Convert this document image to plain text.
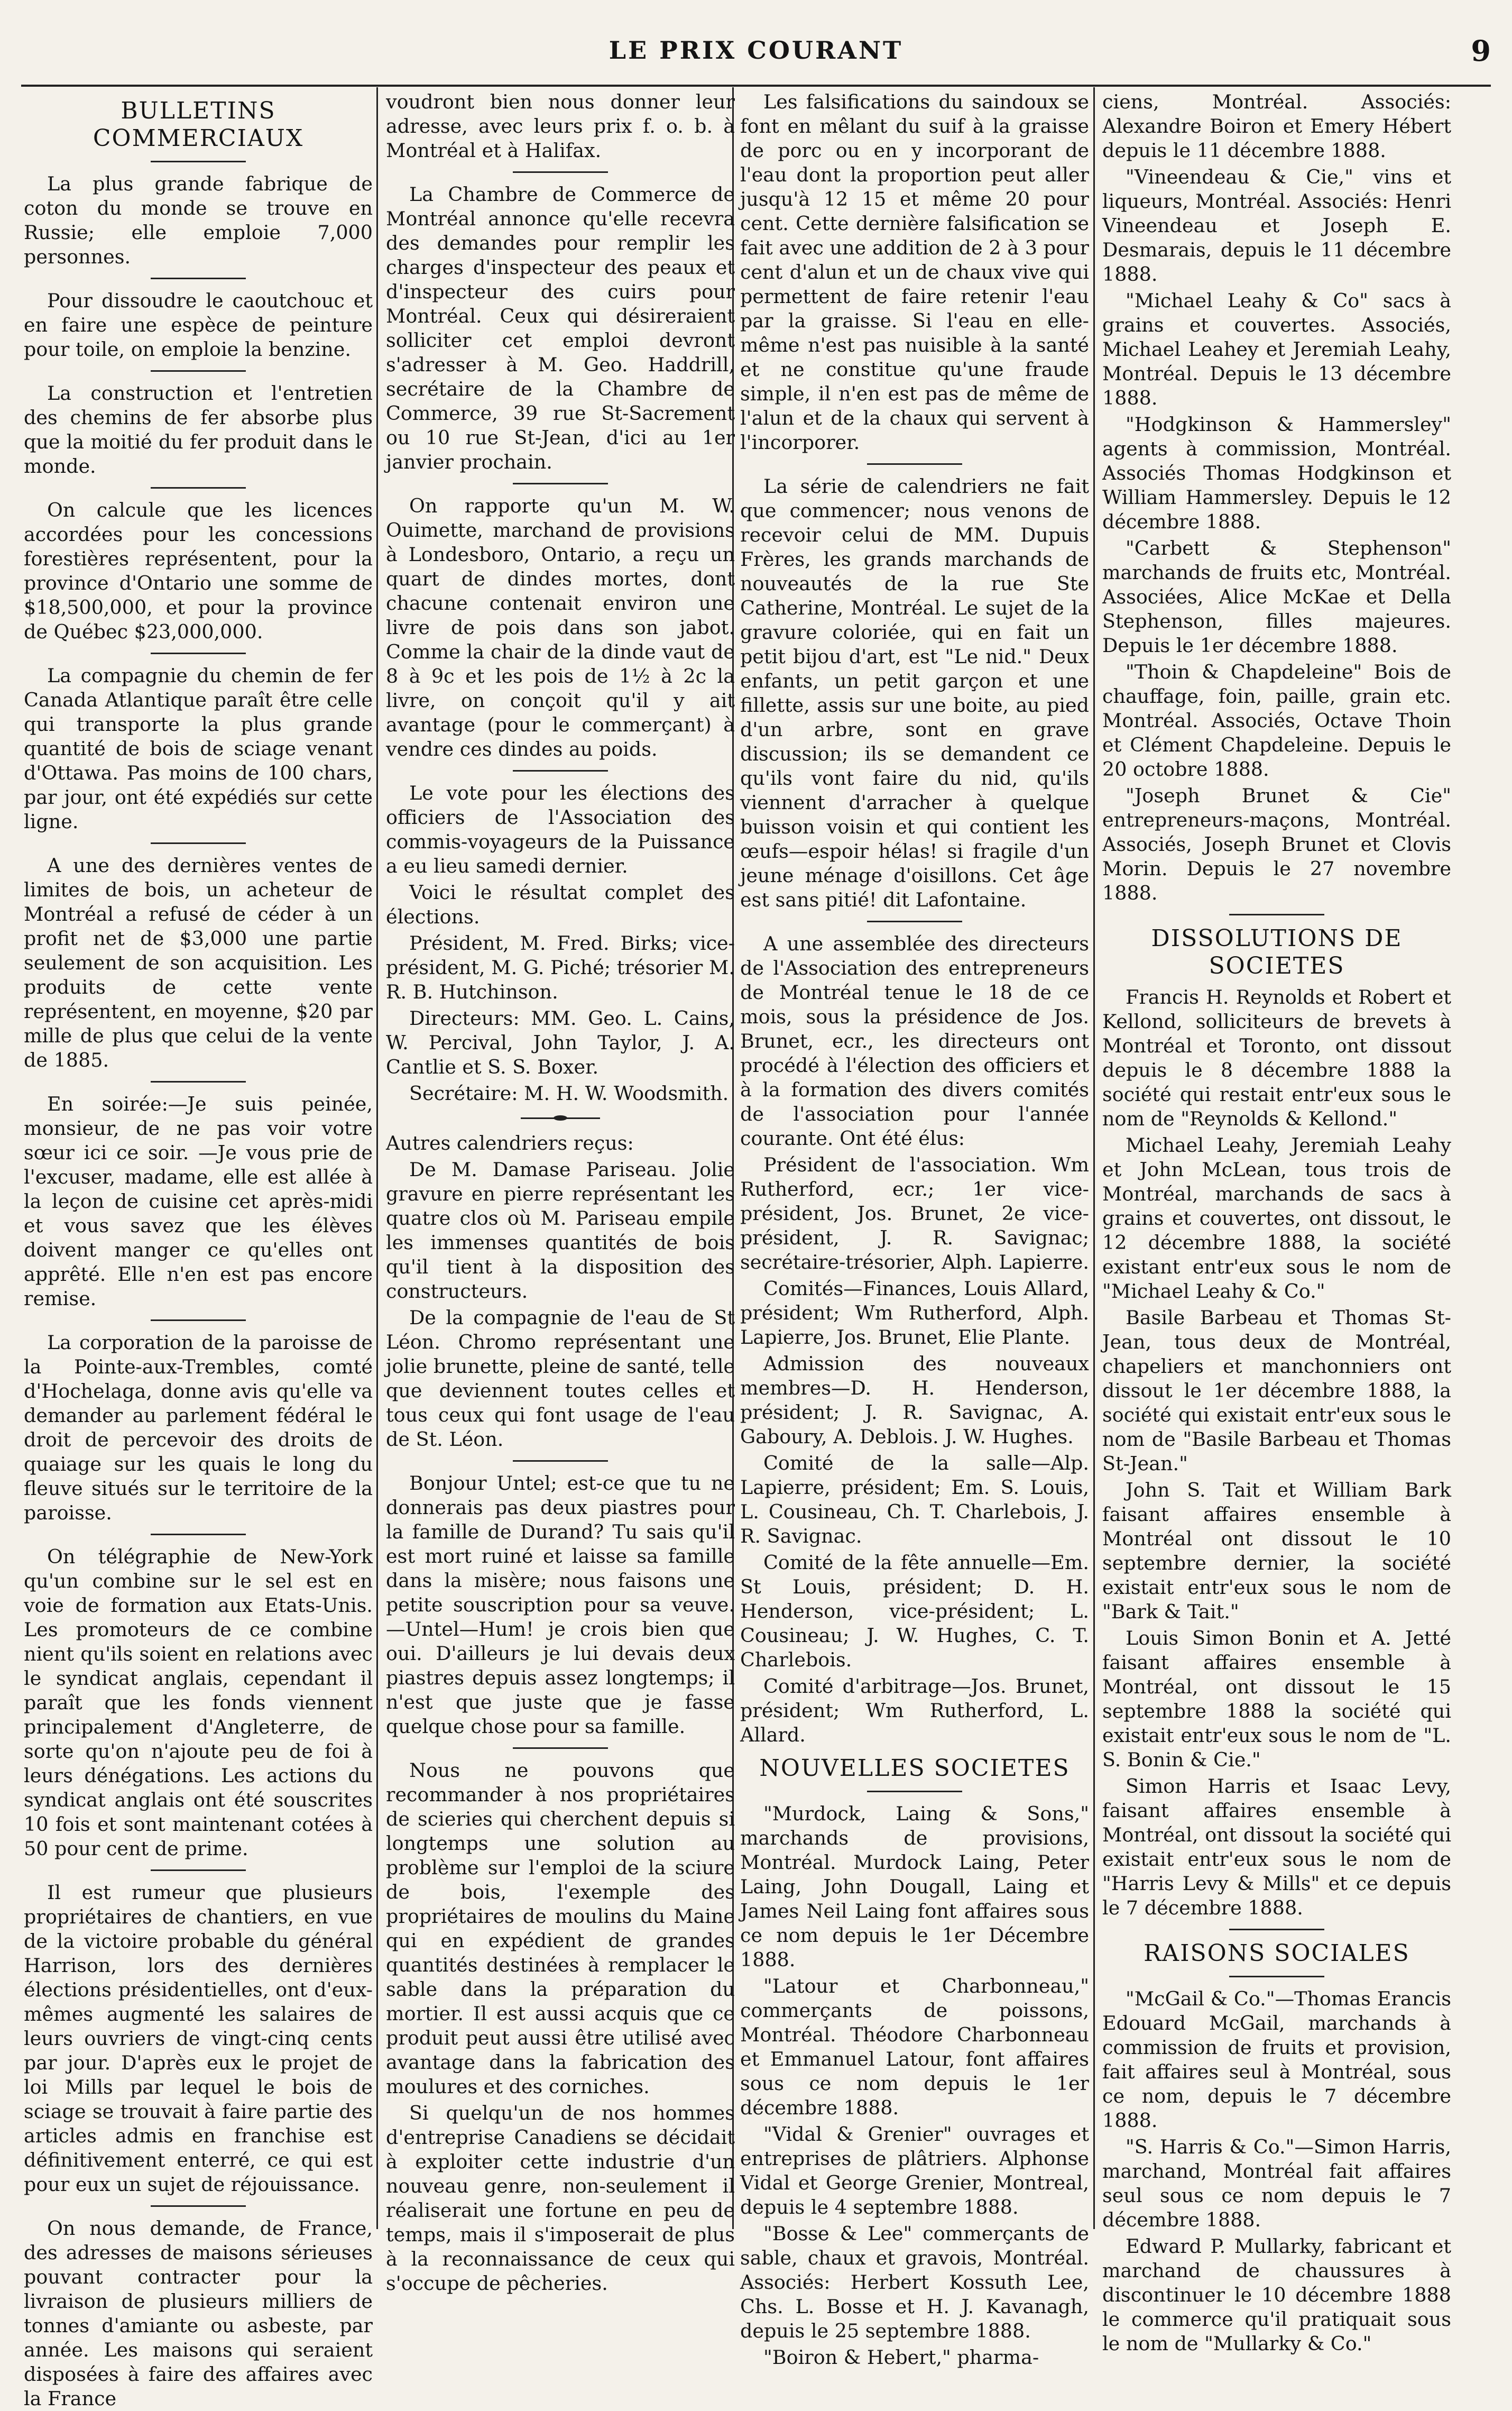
LE PRIX COURANT	9
BULLETINS COMMERCIAUX

La plus grande fabrique de coton du monde se trouve en Russie; elle emploie 7,000 personnes.

Pour dissoudre le caoutchouc et en faire une espèce de peinture pour toile, on emploie la benzine.

La construction et l'entretien des chemins de fer absorbe plus que la moitié du fer produit dans le monde.

On calcule que les licences accordées pour les concessions forestières représentent, pour la province d'Ontario une somme de $18,500,000, et pour la province de Québec $23,000,000.

La compagnie du chemin de fer Canada Atlantique paraît être celle qui transporte la plus grande quantité de bois de sciage venant d'Ottawa. Pas moins de 100 chars, par jour, ont été expédiés sur cette ligne.

A une des dernières ventes de limites de bois, un acheteur de Montréal a refusé de céder à un profit net de $3,000 une partie seulement de son acquisition. Les produits de cette vente représentent, en moyenne, $20 par mille de plus que celui de la vente de 1885.

En soirée:—Je suis peinée, monsieur, de ne pas voir votre sœur ici ce soir. —Je vous prie de l'excuser, madame, elle est allée à la leçon de cuisine cet après-midi et vous savez que les élèves doivent manger ce qu'elles ont apprêté. Elle n'en est pas encore remise.

La corporation de la paroisse de la Pointe-aux-Trembles, comté d'Hochelaga, donne avis qu'elle va demander au parlement fédéral le droit de percevoir des droits de quaiage sur les quais le long du fleuve situés sur le territoire de la paroisse.

On télégraphie de New-York qu'un combine sur le sel est en voie de formation aux Etats-Unis. Les promoteurs de ce combine nient qu'ils soient en relations avec le syndicat anglais, cependant il paraît que les fonds viennent principalement d'Angleterre, de sorte qu'on n'ajoute peu de foi à leurs dénégations. Les actions du syndicat anglais ont été souscrites 10 fois et sont maintenant cotées à 50 pour cent de prime.

Il est rumeur que plusieurs propriétaires de chantiers, en vue de la victoire probable du général Harrison, lors des dernières élections présidentielles, ont d'eux-mêmes augmenté les salaires de leurs ouvriers de vingt-cinq cents par jour. D'après eux le projet de loi Mills par lequel le bois de sciage se trouvait à faire partie des articles admis en franchise est définitivement enterré, ce qui est pour eux un sujet de réjouissance.

On nous demande, de France, des adresses de maisons sérieuses pouvant contracter pour la livraison de plusieurs milliers de tonnes d'amiante ou asbeste, par année. Les maisons qui seraient disposées à faire des affaires avec la France

voudront bien nous donner leur adresse, avec leurs prix f. o. b. à Montréal et à Halifax.

La Chambre de Commerce de Montréal annonce qu'elle recevra des demandes pour remplir les charges d'inspecteur des peaux et d'inspecteur des cuirs pour Montréal. Ceux qui désireraient solliciter cet emploi devront s'adresser à M. Geo. Haddrill, secrétaire de la Chambre de Commerce, 39 rue St-Sacrement ou 10 rue St-Jean, d'ici au 1er janvier prochain.

On rapporte qu'un M. W. Ouimette, marchand de provisions à Londesboro, Ontario, a reçu un quart de dindes mortes, dont chacune contenait environ une livre de pois dans son jabot. Comme la chair de la dinde vaut de 8 à 9c et les pois de 1½ à 2c la livre, on conçoit qu'il y ait avantage (pour le commerçant) à vendre ces dindes au poids.

Le vote pour les élections des officiers de l'Association des commis-voyageurs de la Puissance a eu lieu samedi dernier.

Voici le résultat complet des élections.

Président, M. Fred. Birks; vice-président, M. G. Piché; trésorier M. R. B. Hutchinson.

Directeurs: MM. Geo. L. Cains, W. Percival, John Taylor, J. A. Cantlie et S. S. Boxer.

Secrétaire: M. H. W. Woodsmith.

Autres calendriers reçus:

De M. Damase Pariseau. Jolie gravure en pierre représentant les quatre clos où M. Pariseau empile les immenses quantités de bois qu'il tient à la disposition des constructeurs.

De la compagnie de l'eau de St Léon. Chromo représentant une jolie brunette, pleine de santé, telle que deviennent toutes celles et tous ceux qui font usage de l'eau de St. Léon.

Bonjour Untel; est-ce que tu ne donnerais pas deux piastres pour la famille de Durand? Tu sais qu'il est mort ruiné et laisse sa famille dans la misère; nous faisons une petite souscription pour sa veuve.—Untel—Hum! je crois bien que oui. D'ailleurs je lui devais deux piastres depuis assez longtemps; il n'est que juste que je fasse quelque chose pour sa famille.

Nous ne pouvons que recommander à nos propriétaires de scieries qui cherchent depuis si longtemps une solution au problème sur l'emploi de la sciure de bois, l'exemple des propriétaires de moulins du Maine qui en expédient de grandes quantités destinées à remplacer le sable dans la préparation du mortier. Il est aussi acquis que ce produit peut aussi être utilisé avec avantage dans la fabrication des moulures et des corniches.

Si quelqu'un de nos hommes d'entreprise Canadiens se décidait à exploiter cette industrie d'un nouveau genre, non-seulement il réaliserait une fortune en peu de temps, mais il s'imposerait de plus à la reconnaissance de ceux qui s'occupe de pêcheries.

Les falsifications du saindoux se font en mêlant du suif à la graisse de porc ou en y incorporant de l'eau dont la proportion peut aller jusqu'à 12 15 et même 20 pour cent. Cette dernière falsification se fait avec une addition de 2 à 3 pour cent d'alun et un de chaux vive qui permettent de faire retenir l'eau par la graisse. Si l'eau en elle-même n'est pas nuisible à la santé et ne constitue qu'une fraude simple, il n'en est pas de même de l'alun et de la chaux qui servent à l'incorporer.

La série de calendriers ne fait que commencer; nous venons de recevoir celui de MM. Dupuis Frères, les grands marchands de nouveautés de la rue Ste Catherine, Montréal. Le sujet de la gravure coloriée, qui en fait un petit bijou d'art, est "Le nid." Deux enfants, un petit garçon et une fillette, assis sur une boite, au pied d'un arbre, sont en grave discussion; ils se demandent ce qu'ils vont faire du nid, qu'ils viennent d'arracher à quelque buisson voisin et qui contient les œufs—espoir hélas! si fragile d'un jeune ménage d'oisillons. Cet âge est sans pitié! dit Lafontaine.

A une assemblée des directeurs de l'Association des entrepreneurs de Montréal tenue le 18 de ce mois, sous la présidence de Jos. Brunet, ecr., les directeurs ont procédé à l'élection des officiers et à la formation des divers comités de l'association pour l'année courante. Ont été élus:

Président de l'association. Wm Rutherford, ecr.; 1er vice-président, Jos. Brunet, 2e vice-président, J. R. Savignac; secrétaire-trésorier, Alph. Lapierre.

Comités—Finances, Louis Allard, président; Wm Rutherford, Alph. Lapierre, Jos. Brunet, Elie Plante.

Admission des nouveaux membres—D. H. Henderson, président; J. R. Savignac, A. Gaboury, A. Deblois. J. W. Hughes.

Comité de la salle—Alp. Lapierre, président; Em. S. Louis, L. Cousineau, Ch. T. Charlebois, J. R. Savignac.

Comité de la fête annuelle—Em. St Louis, président; D. H. Henderson, vice-président; L. Cousineau; J. W. Hughes, C. T. Charlebois.

Comité d'arbitrage—Jos. Brunet, président; Wm Rutherford, L. Allard.

NOUVELLES SOCIETES

"Murdock, Laing & Sons," marchands de provisions, Montréal. Murdock Laing, Peter Laing, John Dougall, Laing et James Neil Laing font affaires sous ce nom depuis le 1er Décembre 1888.

"Latour et Charbonneau," commerçants de poissons, Montréal. Théodore Charbonneau et Emmanuel Latour, font affaires sous ce nom depuis le 1er décembre 1888.

"Vidal & Grenier" ouvrages et entreprises de plâtriers. Alphonse Vidal et George Grenier, Montreal, depuis le 4 septembre 1888.

"Bosse & Lee" commerçants de sable, chaux et gravois, Montréal. Associés: Herbert Kossuth Lee, Chs. L. Bosse et H. J. Kavanagh, depuis le 25 septembre 1888.

"Boiron & Hebert," pharma-

ciens, Montréal. Associés: Alexandre Boiron et Emery Hébert depuis le 11 décembre 1888.

"Vineendeau & Cie," vins et liqueurs, Montréal. Associés: Henri Vineendeau et Joseph E. Desmarais, depuis le 11 décembre 1888.

"Michael Leahy & Co" sacs à grains et couvertes. Associés, Michael Leahey et Jeremiah Leahy, Montréal. Depuis le 13 décembre 1888.

"Hodgkinson & Hammersley" agents à commission, Montréal. Associés Thomas Hodgkinson et William Hammersley. Depuis le 12 décembre 1888.

"Carbett & Stephenson" marchands de fruits etc, Montréal. Associées, Alice McKae et Della Stephenson, filles majeures. Depuis le 1er décembre 1888.

"Thoin & Chapdeleine" Bois de chauffage, foin, paille, grain etc. Montréal. Associés, Octave Thoin et Clément Chapdeleine. Depuis le 20 octobre 1888.

"Joseph Brunet & Cie" entrepreneurs-maçons, Montréal. Associés, Joseph Brunet et Clovis Morin. Depuis le 27 novembre 1888.

DISSOLUTIONS DE SOCIETES

Francis H. Reynolds et Robert et Kellond, solliciteurs de brevets à Montréal et Toronto, ont dissout depuis le 8 décembre 1888 la société qui restait entr'eux sous le nom de "Reynolds & Kellond."

Michael Leahy, Jeremiah Leahy et John McLean, tous trois de Montréal, marchands de sacs à grains et couvertes, ont dissout, le 12 décembre 1888, la société existant entr'eux sous le nom de "Michael Leahy & Co."

Basile Barbeau et Thomas St-Jean, tous deux de Montréal, chapeliers et manchonniers ont dissout le 1er décembre 1888, la société qui existait entr'eux sous le nom de "Basile Barbeau et Thomas St-Jean."

John S. Tait et William Bark faisant affaires ensemble à Montréal ont dissout le 10 septembre dernier, la société existait entr'eux sous le nom de "Bark & Tait."

Louis Simon Bonin et A. Jetté faisant affaires ensemble à Montréal, ont dissout le 15 septembre 1888 la société qui existait entr'eux sous le nom de "L. S. Bonin & Cie."

Simon Harris et Isaac Levy, faisant affaires ensemble à Montréal, ont dissout la société qui existait entr'eux sous le nom de "Harris Levy & Mills" et ce depuis le 7 décembre 1888.

RAISONS SOCIALES

"McGail & Co."—Thomas Erancis Edouard McGail, marchands à commission de fruits et provision, fait affaires seul à Montréal, sous ce nom, depuis le 7 décembre 1888.

"S. Harris & Co."—Simon Harris, marchand, Montréal fait affaires seul sous ce nom depuis le 7 décembre 1888.

Edward P. Mullarky, fabricant et marchand de chaussures à discontinuer le 10 décembre 1888 le commerce qu'il pratiquait sous le nom de "Mullarky & Co."
